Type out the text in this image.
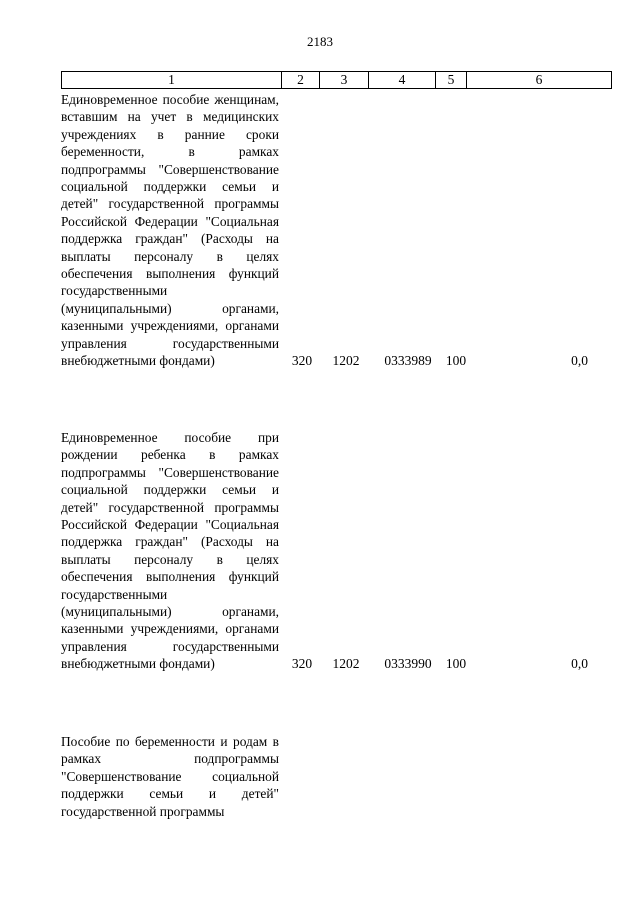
2183
1	2	3	4	5	6
Единовременное пособие женщинам, вставшим на учет в медицинских учреждениях в ранние сроки беременности, в рамках подпрограммы "Совершенствование социальной поддержки семьи и детей" государственной программы Российской Федерации "Социальная поддержка граждан" (Расходы на выплаты персоналу в целях обеспечения выполнения функций государственными (муниципальными) органами, казенными учреждениями, органами управления государственными внебюджетными фондами)	320	1202	0333989	100	0,0
Единовременное пособие при рождении ребенка в рамках подпрограммы "Совершенствование социальной поддержки семьи и детей" государственной программы Российской Федерации "Социальная поддержка граждан" (Расходы на выплаты персоналу в целях обеспечения выполнения функций государственными (муниципальными) органами, казенными учреждениями, органами управления государственными внебюджетными фондами)	320	1202	0333990	100	0,0
Пособие по беременности и родам в рамках подпрограммы "Совершенствование социальной поддержки семьи и детей" государственной программы
